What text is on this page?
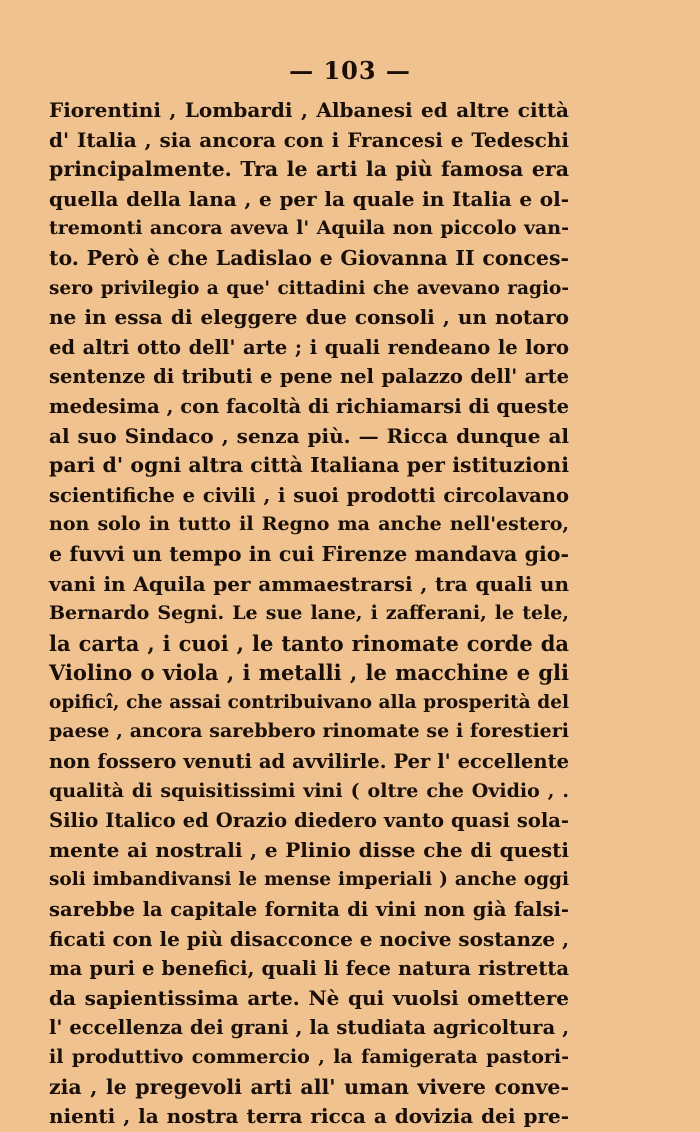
— 103 —
Fiorentini , Lombardi , Albanesi ed altre città
d' Italia , sia ancora con i Francesi e Tedeschi
principalmente. Tra le arti la più famosa era
quella della lana , e per la quale in Italia e ol-
tremonti ancora aveva l' Aquila non piccolo van-
to. Però è che Ladislao e Giovanna II conces-
sero privilegio a que' cittadini che avevano ragio-
ne in essa di eleggere due consoli , un notaro
ed altri otto dell' arte ; i quali rendeano le loro
sentenze di tributi e pene nel palazzo dell' arte
medesima , con facoltà di richiamarsi di queste
al suo Sindaco , senza più. — Ricca dunque al
pari d' ogni altra città Italiana per istituzioni
scientifiche e civili , i suoi prodotti circolavano
non solo in tutto il Regno ma anche nell'estero,
e fuvvi un tempo in cui Firenze mandava gio-
vani in Aquila per ammaestrarsi , tra quali un
Bernardo Segni. Le sue lane, i zafferani, le tele,
la carta , i cuoi , le tanto rinomate corde da
Violino o viola , i metalli , le macchine e gli
opificî, che assai contribuivano alla prosperità del
paese , ancora sarebbero rinomate se i forestieri
non fossero venuti ad avvilirle. Per l' eccellente
qualità di squisitissimi vini ( oltre che Ovidio , .
Silio Italico ed Orazio diedero vanto quasi sola-
mente ai nostrali , e Plinio disse che di questi
soli imbandivansi le mense imperiali ) anche oggi
sarebbe la capitale fornita di vini non già falsi-
ficati con le più disacconce e nocive sostanze ,
ma puri e benefici, quali li fece natura ristretta
da sapientissima arte. Nè qui vuolsi omettere
l' eccellenza dei grani , la studiata agricoltura ,
il produttivo commercio , la famigerata pastori-
zia , le pregevoli arti all' uman vivere conve-
nienti , la nostra terra ricca a dovizia dei pre-
